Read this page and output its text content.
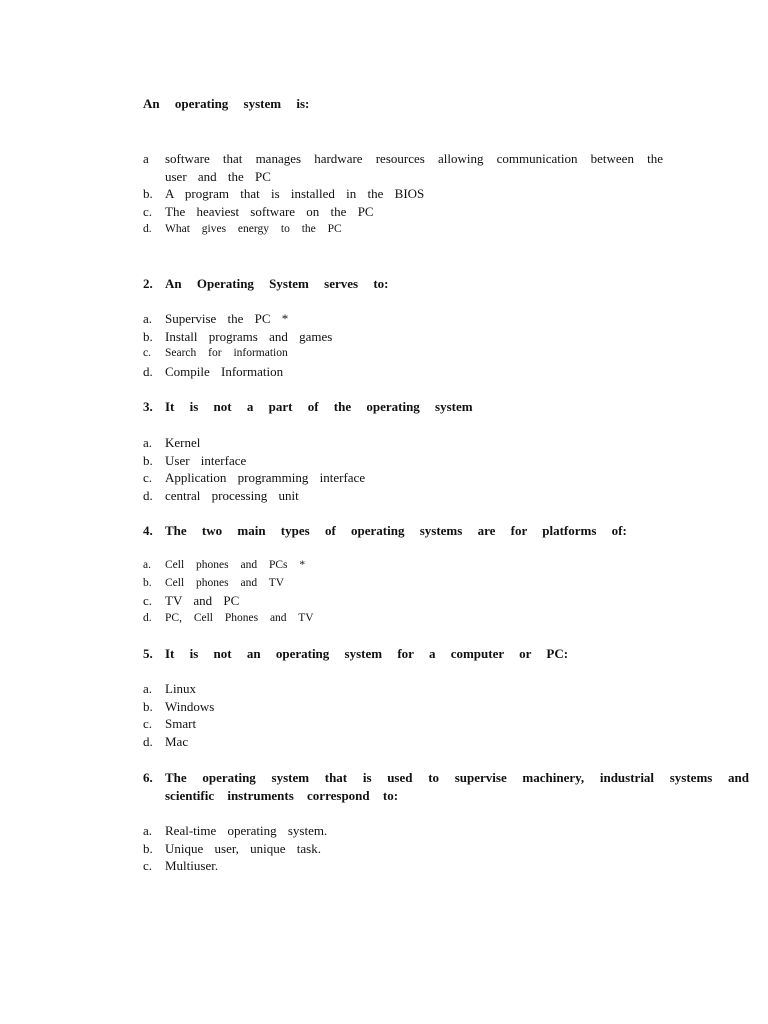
An operating system is:
a software that manages hardware resources allowing communication between the user and the PC
b. A program that is installed in the BIOS
c. The heaviest software on the PC
d. What gives energy to the PC
2. An Operating System serves to:
a. Supervise the PC *
b. Install programs and games
c. Search for information
d. Compile Information
3. It is not a part of the operating system
a. Kernel
b. User interface
c. Application programming interface
d. central processing unit
4. The two main types of operating systems are for platforms of:
a. Cell phones and PCs *
b. Cell phones and TV
c. TV and PC
d. PC, Cell Phones and TV
5. It is not an operating system for a computer or PC:
a. Linux
b. Windows
c. Smart
d. Mac
6. The operating system that is used to supervise machinery, industrial systems and scientific instruments correspond to:
a. Real-time operating system.
b. Unique user, unique task.
c. Multiuser.
